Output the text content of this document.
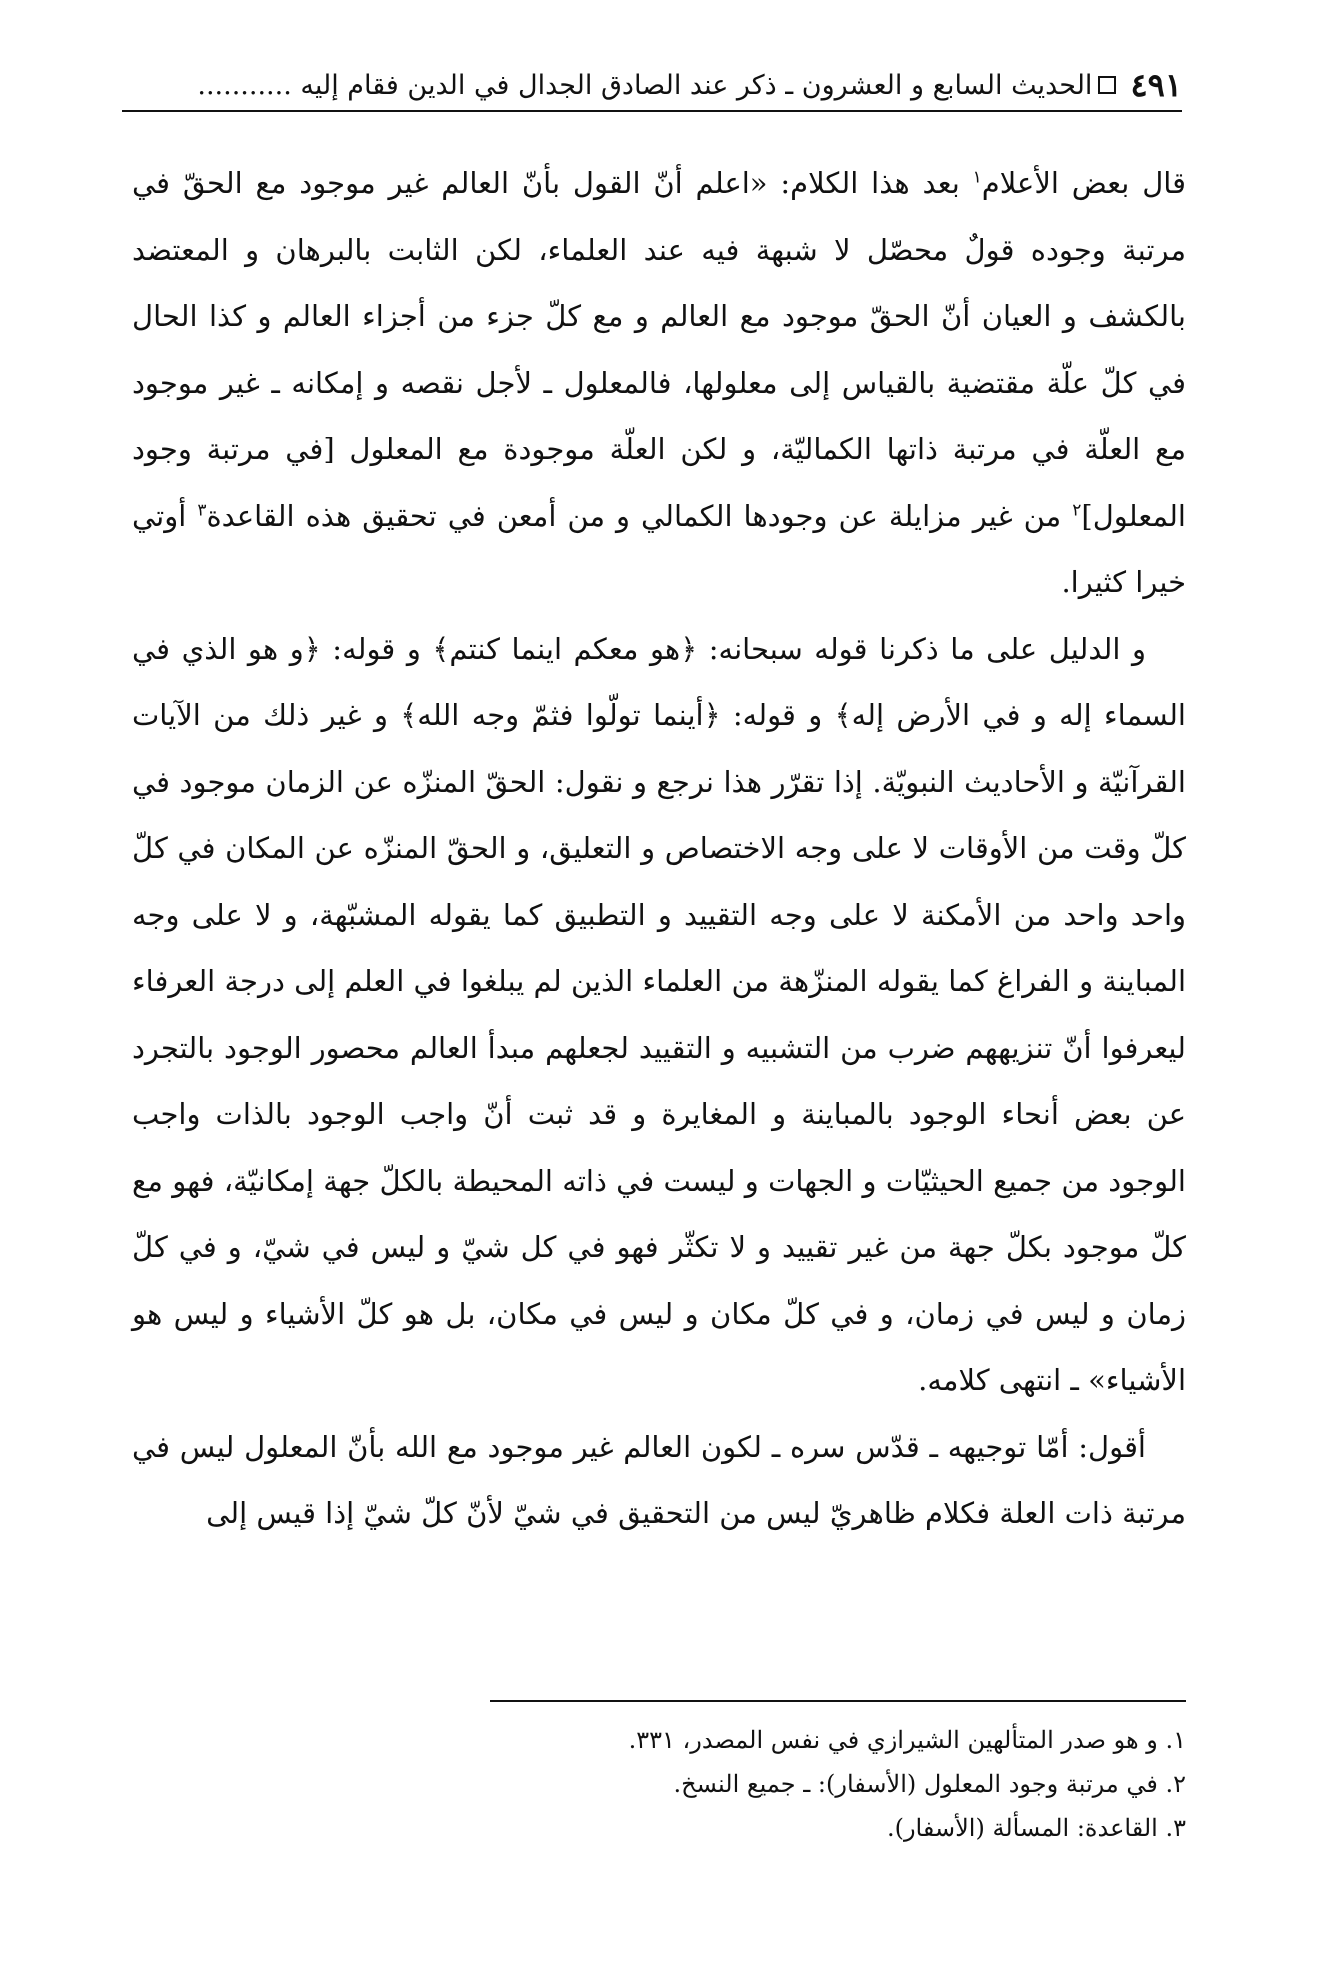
٤٩١
الحديث السابع و العشرون ـ ذكر عند الصادق الجدال في الدين فقام إليه ...
........

قال بعض الأعلام$^١$ بعد هذا الكلام: «اعلم أنّ القول بأنّ العالم غير موجود مع الحقّ في مرتبة وجوده قولٌ محصّل لا شبهة فيه عند العلماء، لكن الثابت بالبرهان و المعتضد بالكشف و العيان أنّ الحقّ موجود مع العالم و مع كلّ جزء من أجزاء العالم و كذا الحال في كلّ علّة مقتضية بالقياس إلى معلولها، فالمعلول ـ لأجل نقصه و إمكانه ـ غير موجود مع العلّة في مرتبة ذاتها الكماليّة، و لكن العلّة موجودة مع المعلول [في مرتبة وجود المعلول]$^٢$ من غير مزايلة عن وجودها الكمالي و من أمعن في تحقيق هذه القاعدة$^٣$ أوتي خيرا كثيرا.

و الدليل على ما ذكرنا قوله سبحانه: ﴿هو معكم اينما كنتم﴾ و قوله: ﴿و هو الذي في السماء إله و في الأرض إله﴾ و قوله: ﴿أينما تولّوا فثمّ وجه الله﴾ و غير ذلك من الآيات القرآنيّة و الأحاديث النبويّة. إذا تقرّر هذا نرجع و نقول: الحقّ المنزّه عن الزمان موجود في كلّ وقت من الأوقات لا على وجه الاختصاص و التعليق، و الحقّ المنزّه عن المكان في كلّ واحد واحد من الأمكنة لا على وجه التقييد و التطبيق كما يقوله المشبّهة، و لا على وجه المباينة و الفراغ كما يقوله المنزّهة من العلماء الذين لم يبلغوا في العلم إلى درجة العرفاء ليعرفوا أنّ تنزيههم ضرب من التشبيه و التقييد لجعلهم مبدأ العالم محصور الوجود بالتجرد عن بعض أنحاء الوجود بالمباينة و المغايرة و قد ثبت أنّ واجب الوجود بالذات واجب الوجود من جميع الحيثيّات و الجهات و ليست في ذاته المحيطة بالكلّ جهة إمكانيّة، فهو مع كلّ موجود بكلّ جهة من غير تقييد و لا تكثّر فهو في كل شيّ و ليس في شيّ، و في كلّ زمان و ليس في زمان، و في كلّ مكان و ليس في مكان، بل هو كلّ الأشياء و ليس هو الأشياء» ـ انتهى كلامه.

أقول: أمّا توجيهه ـ قدّس سره ـ لكون العالم غير موجود مع الله بأنّ المعلول ليس في مرتبة ذات العلة فكلام ظاهريّ ليس من التحقيق في شيّ لأنّ كلّ شيّ إذا قيس إلى

١. و هو صدر المتألهين الشيرازي في نفس المصدر، ٣٣١.

٢. في مرتبة وجود المعلول (الأسفار): ـ جميع النسخ.

٣. القاعدة: المسألة (الأسفار).
